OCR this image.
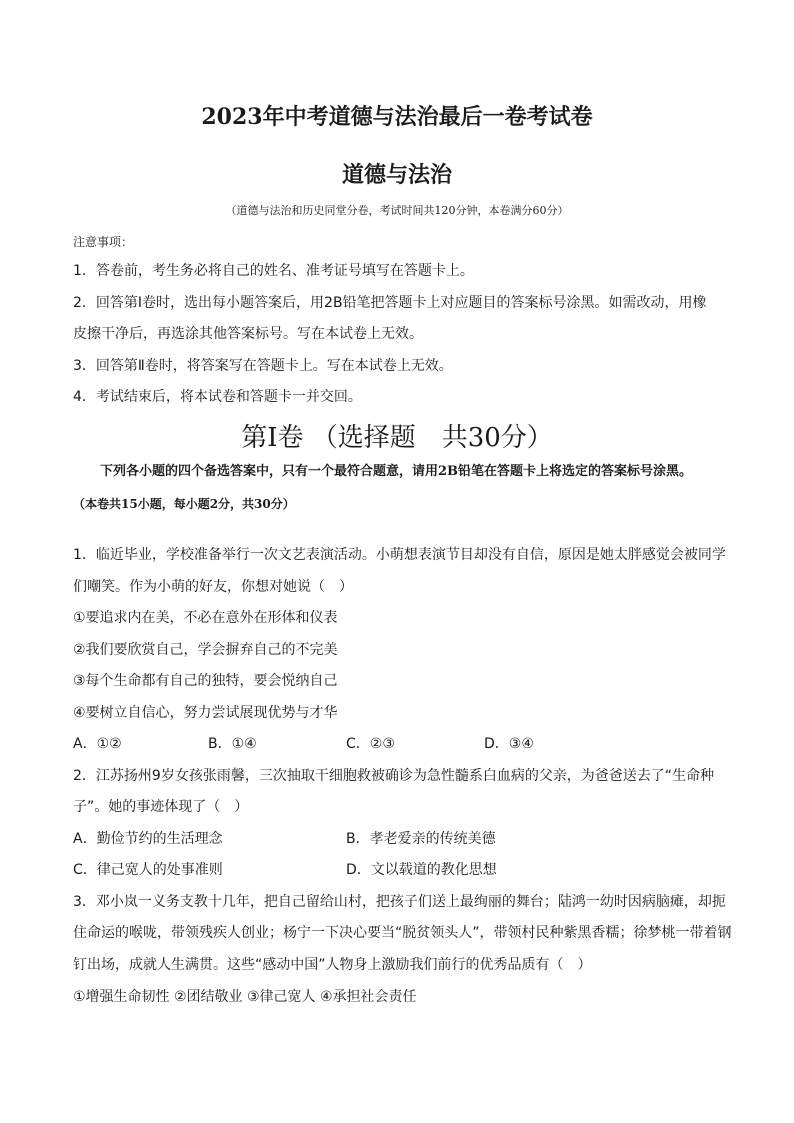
2023年中考道德与法治最后一卷考试卷
道德与法治
（道德与法治和历史同堂分卷，考试时间共120分钟，本卷满分60分）
注意事项：
1．答卷前，考生务必将自己的姓名、准考证号填写在答题卡上。
2．回答第Ⅰ卷时，选出每小题答案后，用2B铅笔把答题卡上对应题目的答案标号涂黑。如需改动，用橡
皮擦干净后，再选涂其他答案标号。写在本试卷上无效。
3．回答第Ⅱ卷时，将答案写在答题卡上。写在本试卷上无效。
4．考试结束后，将本试卷和答题卡一并交回。
第Ⅰ卷 （选择题　共30分）
下列各小题的四个备选答案中，只有一个最符合题意，请用2B铅笔在答题卡上将选定的答案标号涂黑。
（本卷共15小题，每小题2分，共30分）
1．临近毕业，学校准备举行一次文艺表演活动。小萌想表演节目却没有自信，原因是她太胖感觉会被同学
们嘲笑。作为小萌的好友，你想对她说（　）
①要追求内在美，不必在意外在形体和仪表
②我们要欣赏自己，学会摒弃自己的不完美
③每个生命都有自己的独特，要会悦纳自己
④要树立自信心，努力尝试展现优势与才华
A．①②	B．①④	C．②③	D．③④
2．江苏扬州9岁女孩张雨馨，三次抽取干细胞救被确诊为急性髓系白血病的父亲，为爸爸送去了“生命种
子”。她的事迹体现了（　）
A．勤俭节约的生活理念	B．孝老爱亲的传统美德
C．律己宽人的处事准则	D．文以载道的教化思想
3．邓小岚一义务支教十几年，把自己留给山村，把孩子们送上最绚丽的舞台；陆鸿一幼时因病脑瘫，却扼
住命运的喉咙，带领残疾人创业；杨宁一下决心要当“脱贫领头人”，带领村民种紫黑香糯；徐梦桃一带着钢
钉出场，成就人生满贯。这些“感动中国”人物身上激励我们前行的优秀品质有（　）
①增强生命韧性 ②团结敬业 ③律己宽人 ④承担社会责任
